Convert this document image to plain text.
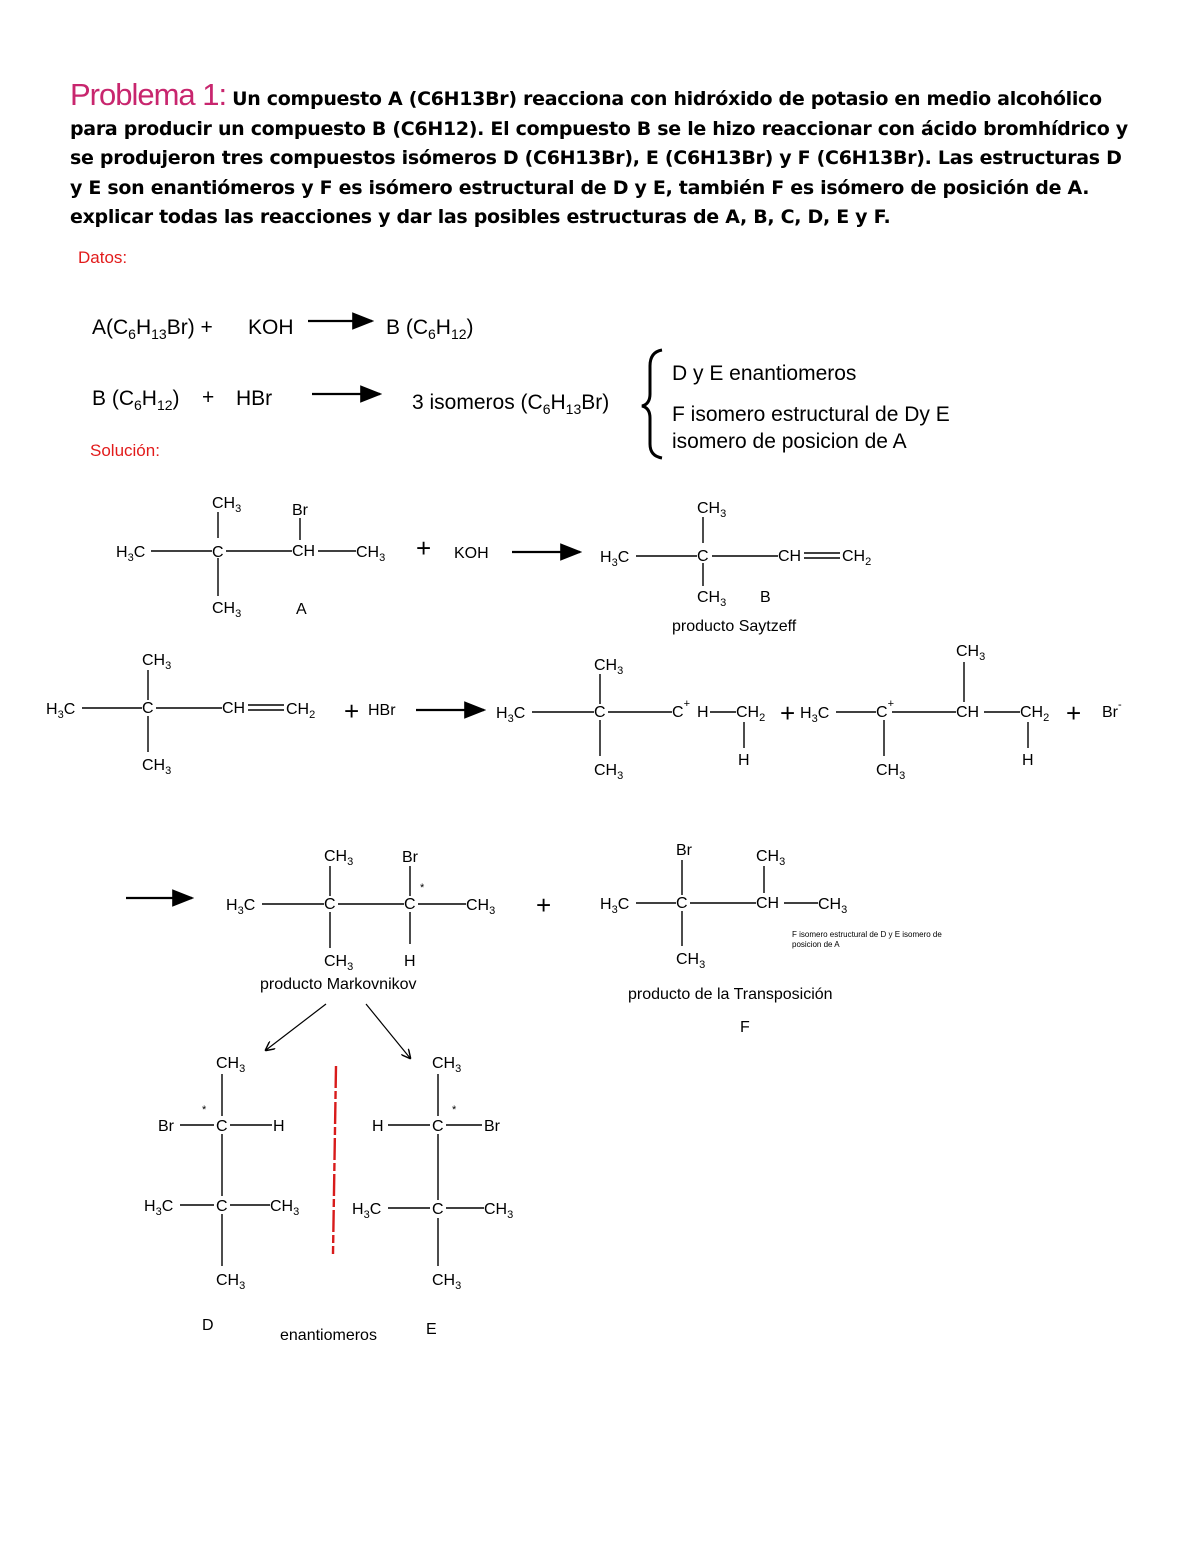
Problema 1: Un compuesto A (C6H13Br) reacciona con hidróxido de potasio en medio alcohólico para producir un compuesto B (C6H12). El compuesto B se le hizo reaccionar con ácido bromhídrico y se produjeron tres compuestos isómeros D (C6H13Br), E (C6H13Br) y F (C6H13Br). Las estructuras D y E son enantiómeros y F es isómero estructural de D y E, también F es isómero de posición de A. explicar todas las reacciones y dar las posibles estructuras de A, B, C, D, E y F.
Datos:
$A(C_6H_{13}Br)$ + KOH	B $(C_6H_{12})$
B $(C_6H_{12})$ + HBr	3 isomeros $(C_6H_{13}Br)$
D y E enantiomeros
F isomero estructural de Dy E
isomero de posicion de A
Solución:
$H_3C$	C
$CH_3$
$CH_3$
CH
Br
$CH_3$
A
+ KOH	$H_3C$	C
$CH_3$
$CH_3$
CH	$CH_2$
B
producto Saytzeff
$H_3C$	C
$CH_3$
$CH_3$
CH	$CH_2$ + HBr	$H_3C$	C
$CH_3$
$CH_3$
C+ H $CH_2$
H
+ $H_3C$	C+
$CH_3$
CH
$CH_3$
$CH_2$
H
+ Br-
$H_3C$	C
$CH_3$
$CH_3$
C
*
Br
H
$CH_3$
producto Markovnikov
+	$H_3C$	C
Br
$CH_3$
CH
$CH_3$
$CH_3$
producto de la Transposición
F
F isomero estructural de D y E isomero de posicion de A
$CH_3$
Br
*
C	H
$H_3C$	C	$CH_3$
$CH_3$
D
enantiomeros
$CH_3$
H	C
*
Br
$H_3C$	C	$CH_3$
$CH_3$
E
